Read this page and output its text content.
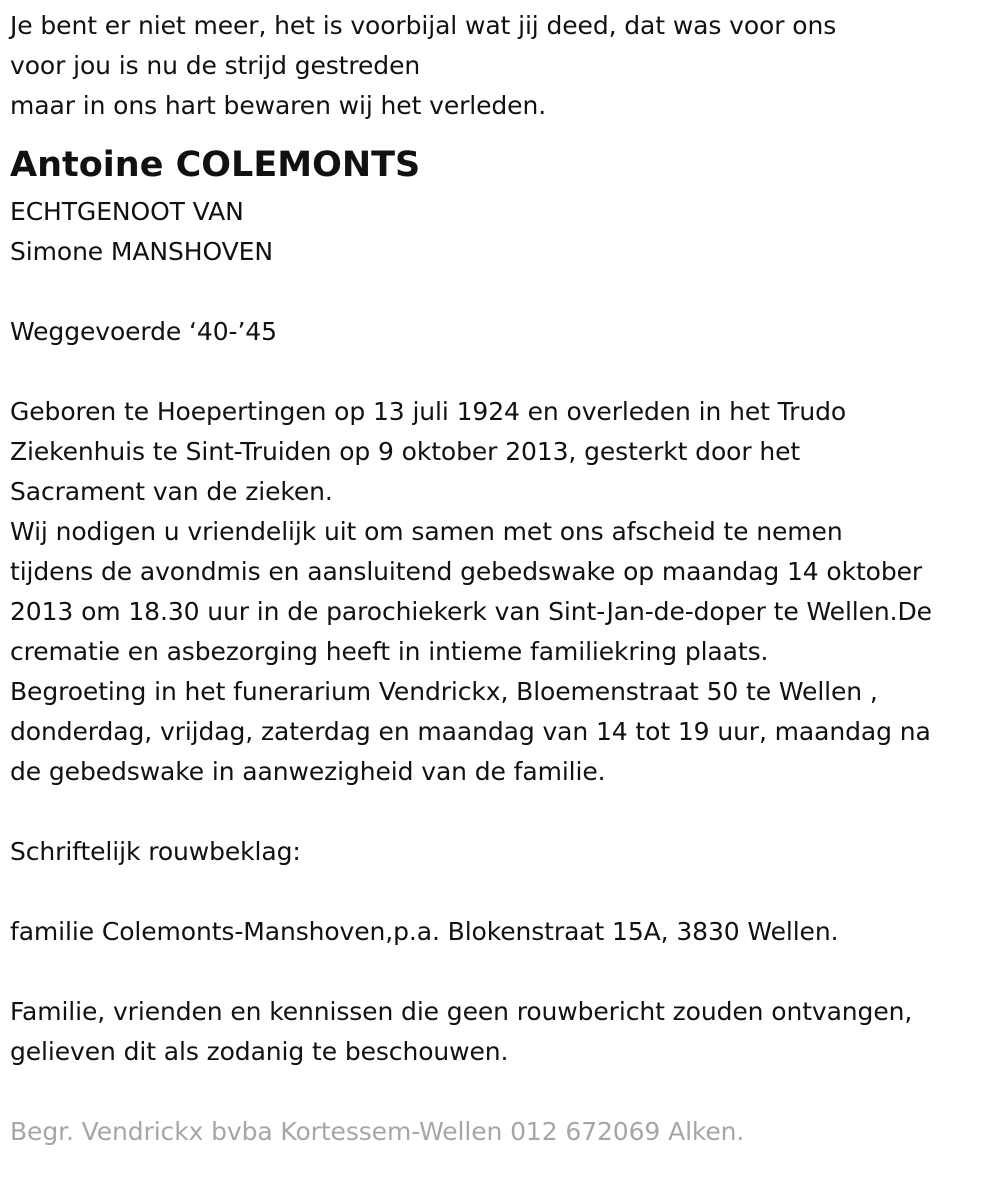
Je bent er niet meer, het is voorbijal wat jij deed, dat was voor ons
voor jou is nu de strijd gestreden
maar in ons hart bewaren wij het verleden.
Antoine COLEMONTS
ECHTGENOOT VAN
Simone MANSHOVEN
Weggevoerde ‘40-’45
Geboren te Hoepertingen op 13 juli 1924 en overleden in het Trudo
Ziekenhuis te Sint-Truiden op 9 oktober 2013, gesterkt door het
Sacrament van de zieken.
Wij nodigen u vriendelijk uit om samen met ons afscheid te nemen
tijdens de avondmis en aansluitend gebedswake op maandag 14 oktober
2013 om 18.30 uur in de parochiekerk van Sint-Jan-de-doper te Wellen.De
crematie en asbezorging heeft in intieme familiekring plaats.
Begroeting in het funerarium Vendrickx, Bloemenstraat 50 te Wellen ,
donderdag, vrijdag, zaterdag en maandag van 14 tot 19 uur, maandag na
de gebedswake in aanwezigheid van de familie.
Schriftelijk rouwbeklag:
familie Colemonts-Manshoven,p.a. Blokenstraat 15A, 3830 Wellen.
Familie, vrienden en kennissen die geen rouwbericht zouden ontvangen,
gelieven dit als zodanig te beschouwen.
Begr. Vendrickx bvba Kortessem-Wellen 012 672069 Alken.
